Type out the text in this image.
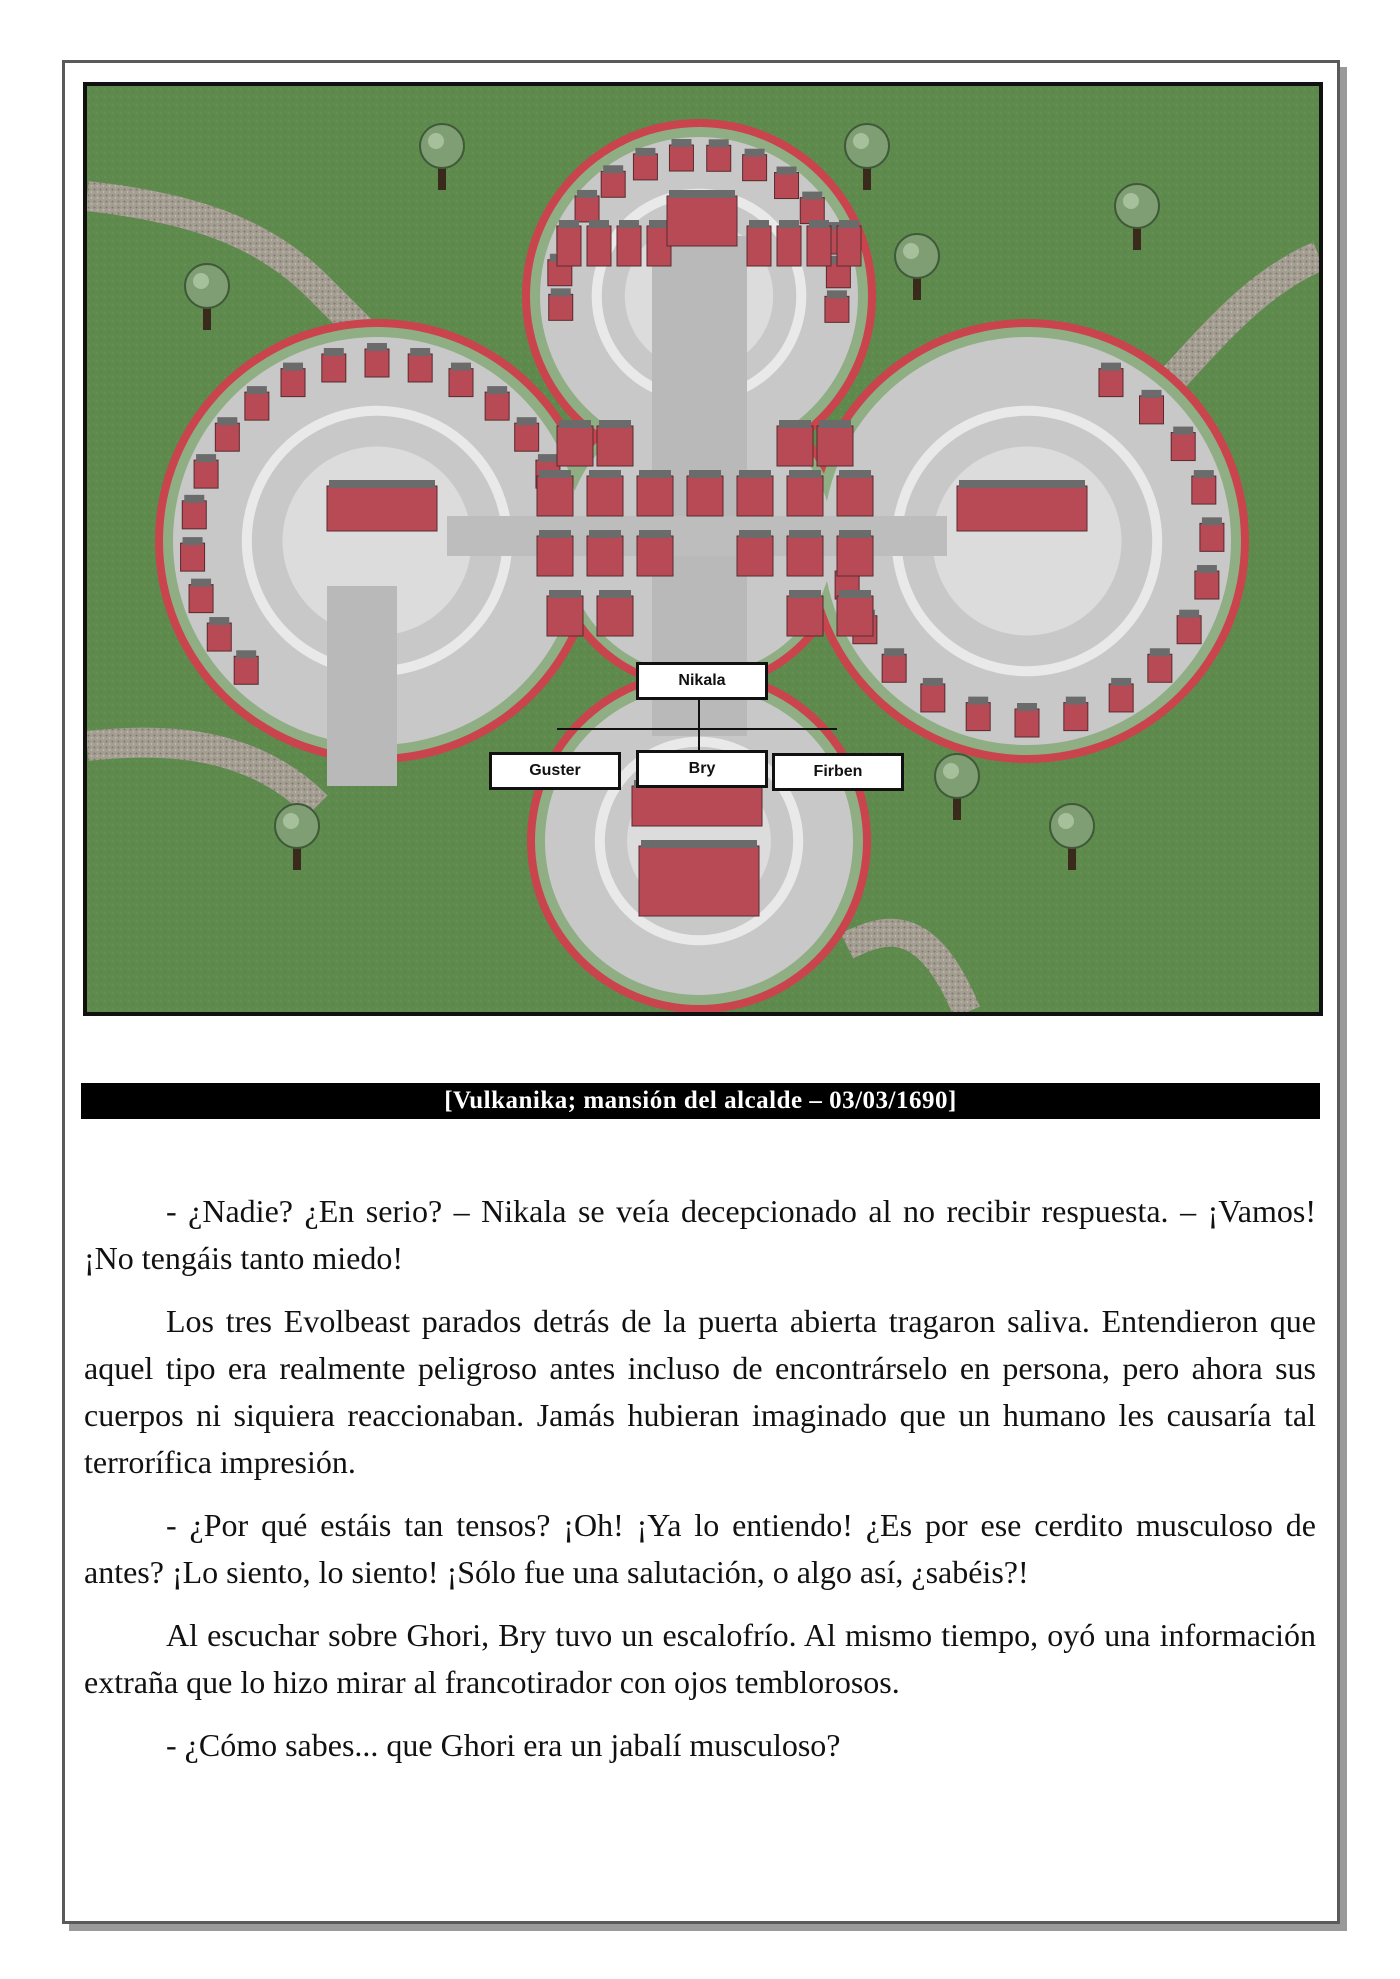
Nikala
Guster	Bry	Firben
[Vulkanika; mansión del alcalde – 03/03/1690]

- ¿Nadie? ¿En serio? – Nikala se veía decepcionado al no recibir respuesta. – ¡Vamos! ¡No tengáis tanto miedo!

Los tres Evolbeast parados detrás de la puerta abierta tragaron saliva. Entendieron que aquel tipo era realmente peligroso antes incluso de encontrárselo en persona, pero ahora sus cuerpos ni siquiera reaccionaban. Jamás hubieran imaginado que un humano les causaría tal terrorífica impresión.

- ¿Por qué estáis tan tensos? ¡Oh! ¡Ya lo entiendo! ¿Es por ese cerdito musculoso de antes? ¡Lo siento, lo siento! ¡Sólo fue una salutación, o algo así, ¿sabéis?!

Al escuchar sobre Ghori, Bry tuvo un escalofrío. Al mismo tiempo, oyó una información extraña que lo hizo mirar al francotirador con ojos temblorosos.

- ¿Cómo sabes... que Ghori era un jabalí musculoso?
